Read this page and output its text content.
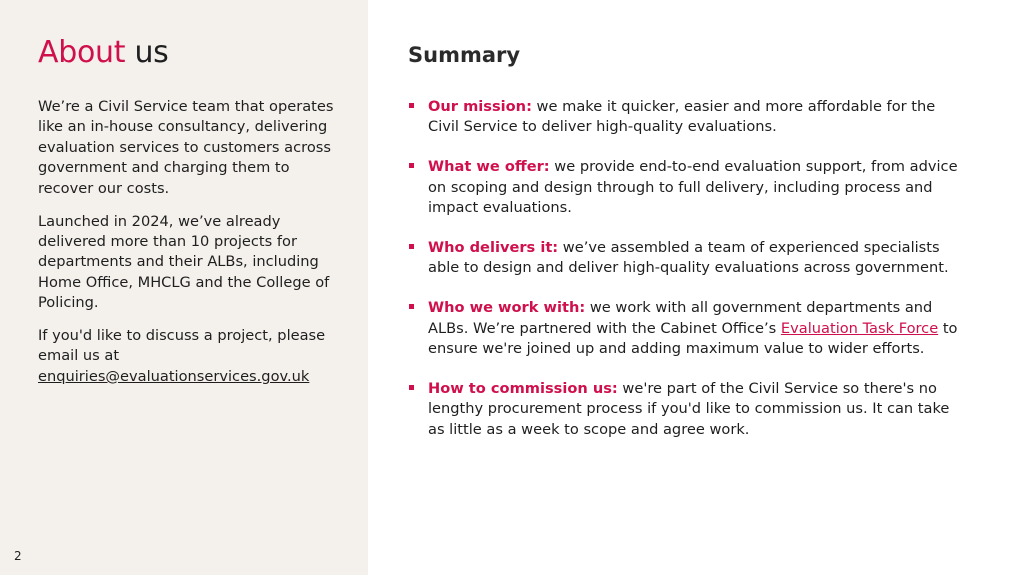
About us

We’re a Civil Service team that operates like an in-house consultancy, delivering evaluation services to customers across government and charging them to recover our costs.

Launched in 2024, we’ve already delivered more than 10 projects for departments and their ALBs, including Home Office, MHCLG and the College of Policing.

If you'd like to discuss a project, please email us at
enquiries@evaluationservices.gov.uk

2
Summary
Our mission: we make it quicker, easier and more affordable for the Civil Service to deliver high-quality evaluations.
What we offer: we provide end-to-end evaluation support, from advice on scoping and design through to full delivery, including process and impact evaluations.
Who delivers it: we’ve assembled a team of experienced specialists able to design and deliver high-quality evaluations across government.
Who we work with: we work with all government departments and ALBs. We’re partnered with the Cabinet Office’s Evaluation Task Force to ensure we're joined up and adding maximum value to wider efforts.
How to commission us: we're part of the Civil Service so there's no lengthy procurement process if you'd like to commission us. It can take as little as a week to scope and agree work.
